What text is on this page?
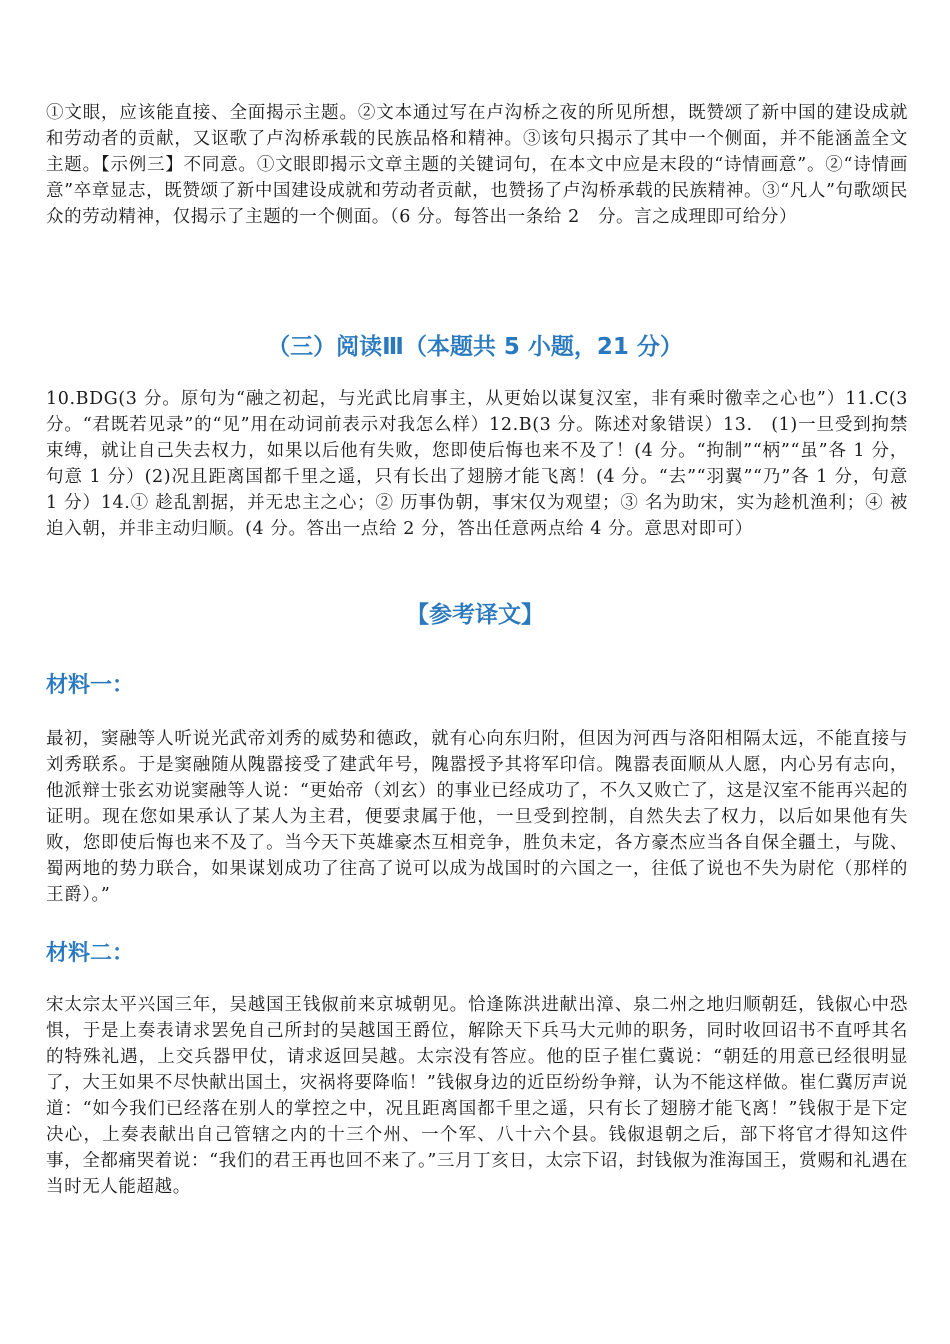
①文眼，应该能直接、全面揭示主题。②文本通过写在卢沟桥之夜的所见所想，既赞颂了新中国的建设成就和劳动者的贡献，又讴歌了卢沟桥承载的民族品格和精神。③该句只揭示了其中一个侧面，并不能涵盖全文主题。【示例三】不同意。①文眼即揭示文章主题的关键词句，在本文中应是末段的“诗情画意”。②“诗情画意”卒章显志，既赞颂了新中国建设成就和劳动者贡献，也赞扬了卢沟桥承载的民族精神。③“凡人”句歌颂民众的劳动精神，仅揭示了主题的一个侧面。（6 分。每答出一条给 2　分。言之成理即可给分）

（三）阅读Ⅲ（本题共 5 小题，21 分）

10.BDG(3 分。原句为“融之初起，与光武比肩事主，从更始以谋复汉室，非有乘时徼幸之心也”）11.C(3 分。“君既若见录”的“见”用在动词前表示对我怎么样）12.B(3 分。陈述对象错误）13.　(1)一旦受到拘禁束缚，就让自己失去权力，如果以后他有失败，您即使后悔也来不及了！(4 分。“拘制”“柄”“虽”各 1 分，句意 1 分）(2)况且距离国都千里之遥，只有长出了翅膀才能飞离！(4 分。“去”“羽翼”“乃”各 1 分，句意 1 分）14.① 趁乱割据，并无忠主之心；② 历事伪朝，事宋仅为观望；③ 名为助宋，实为趁机渔利；④ 被迫入朝，并非主动归顺。(4 分。答出一点给 2 分，答出任意两点给 4 分。意思对即可）

【参考译文】
材料一：

最初，窦融等人听说光武帝刘秀的威势和德政，就有心向东归附，但因为河西与洛阳相隔太远，不能直接与刘秀联系。于是窦融随从隗嚣接受了建武年号，隗嚣授予其将军印信。隗嚣表面顺从人愿，内心另有志向，他派辩士张玄劝说窦融等人说：“更始帝（刘玄）的事业已经成功了，不久又败亡了，这是汉室不能再兴起的证明。现在您如果承认了某人为主君，便要隶属于他，一旦受到控制，自然失去了权力，以后如果他有失败，您即使后悔也来不及了。当今天下英雄豪杰互相竞争，胜负未定，各方豪杰应当各自保全疆土，与陇、蜀两地的势力联合，如果谋划成功了往高了说可以成为战国时的六国之一，往低了说也不失为尉佗（那样的王爵）。”

材料二：

宋太宗太平兴国三年，吴越国王钱俶前来京城朝见。恰逢陈洪进献出漳、泉二州之地归顺朝廷，钱俶心中恐惧，于是上奏表请求罢免自己所封的吴越国王爵位，解除天下兵马大元帅的职务，同时收回诏书不直呼其名的特殊礼遇，上交兵器甲仗，请求返回吴越。太宗没有答应。他的臣子崔仁冀说：“朝廷的用意已经很明显了，大王如果不尽快献出国土，灾祸将要降临！”钱俶身边的近臣纷纷争辩，认为不能这样做。崔仁冀厉声说道：“如今我们已经落在别人的掌控之中，况且距离国都千里之遥，只有长了翅膀才能飞离！”钱俶于是下定决心，上奏表献出自己管辖之内的十三个州、一个军、八十六个县。钱俶退朝之后，部下将官才得知这件事，全都痛哭着说：“我们的君王再也回不来了。”三月丁亥日，太宗下诏，封钱俶为淮海国王，赏赐和礼遇在当时无人能超越。
